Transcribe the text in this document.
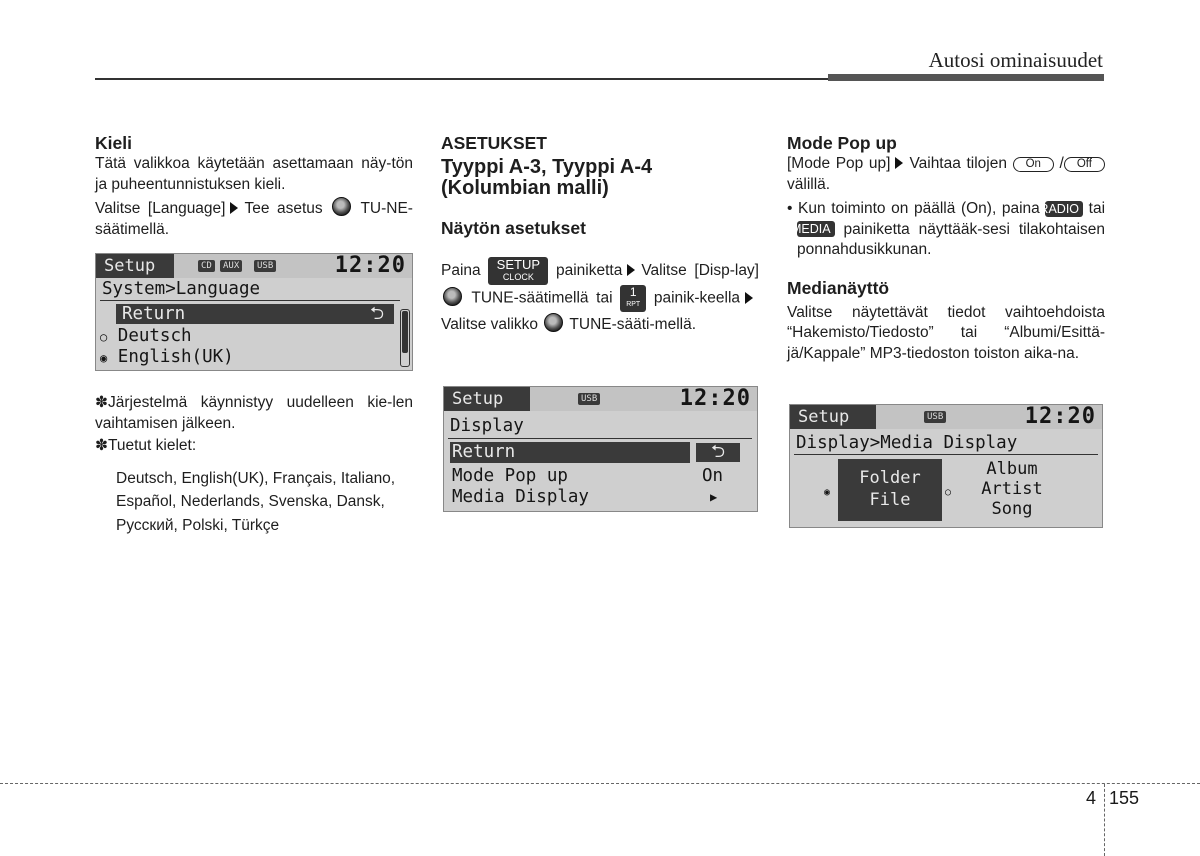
Autosi ominaisuudet

Kieli

Tätä valikkoa käytetään asettamaan näy-tön ja puheentunnistuksen kieli.

Valitse [Language] Tee asetus TU-NE-säätimellä.

Setup	CD	AUX	USB	12:20
System>Language
Return	⮌
○ Deutsch
◉ English(UK)

✽Järjestelmä käynnistyy uudelleen kie-len vaihtamisen jälkeen.

✽Tuetut kielet:

Deutsch, English(UK), Français, Italiano, Español, Nederlands, Svenska, Dansk, Русский, Polski, Türkçe

ASETUKSET

Tyyppi A-3, Tyyppi A-4 (Kolumbian malli)

Näytön asetukset

Paina SETUP
CLOCK painiketta Valitse [Disp-lay]  TUNE-säätimellä tai 1
RPT painik-keellaValitse valikko TUNE-sääti-mellä.

Setup	USB	12:20
Display
Return	⮌
Mode Pop up	On
Media Display	▶

Mode Pop up

[Mode Pop up] Vaihtaa tilojen On / Off välillä.

• Kun toiminto on päällä (On), paina RADIO tai MEDIA painiketta näyttääk-sesi tilakohtaisen ponnahdusikkunan.

Medianäyttö

Valitse näytettävät tiedot vaihtoehdoista “Hakemisto/Tiedosto” tai “Albumi/Esittä-jä/Kappale” MP3-tiedoston toiston aika-na.

Setup	USB	12:20
Display>Media Display
◉
Folder
File	○
Album
Artist
Song
4 155
